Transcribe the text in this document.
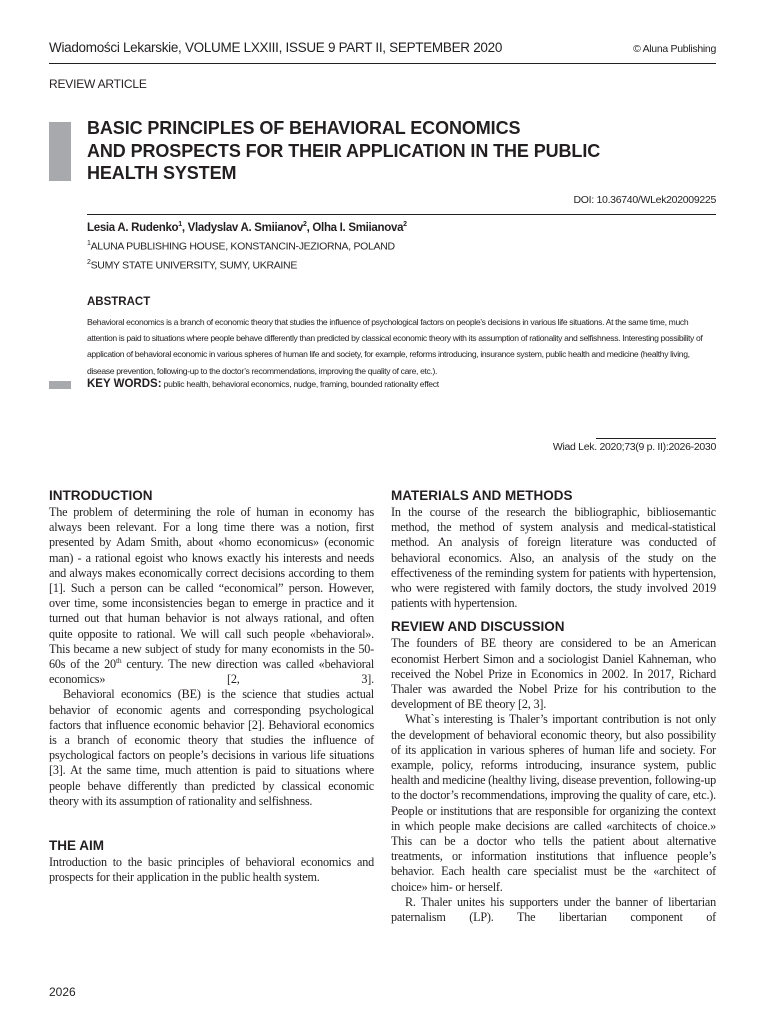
Wiadomości Lekarskie, VOLUME LXXIII, ISSUE 9 PART II, SEPTEMBER 2020	© Aluna Publishing
REVIEW ARTICLE
BASIC PRINCIPLES OF BEHAVIORAL ECONOMICS
AND PROSPECTS FOR THEIR APPLICATION IN THE PUBLIC
HEALTH SYSTEM
DOI: 10.36740/WLek202009225
Lesia A. Rudenko$^1$, Vladyslav A. Smiianov$^2$, Olha I. Smiianova$^2$
$^1$ALUNA PUBLISHING HOUSE, KONSTANCIN-JEZIORNA, POLAND
$^2$SUMY STATE UNIVERSITY, SUMY, UKRAINE
ABSTRACT

Behavioral economics is a branch of economic theory that studies the influence of psychological factors on people’s decisions in various life situations. At the same time, much attention is paid to situations where people behave differently than predicted by classical economic theory with its assumption of rationality and selfishness. Interesting possibility of application of behavioral economic in various spheres of human life and society, for example, reforms introducing, insurance system, public health and medicine (healthy living, disease prevention, following-up to the doctor’s recommendations, improving the quality of care, etc.).

KEY WORDS: public health, behavioral economics, nudge, framing, bounded rationality effect
Wiad Lek. 2020;73(9 p. II):2026-2030
INTRODUCTION

The problem of determining the role of human in economy has always been relevant. For a long time there was a notion, first presented by Adam Smith, about «homo economicus» (economic man) - a rational egoist who knows exactly his interests and needs and always makes economically correct decisions according to them [1]. Such a person can be called “economical” person. However, over time, some inconsistencies began to emerge in practice and it turned out that human behavior is not always rational, and often quite opposite to rational. We will call such people «behavioral». This became a new subject of study for many economists in the 50-60s of the 20th century. The new direction was called «behavioral economics» [2, 3].

Behavioral economics (BE) is the science that studies actual behavior of economic agents and corresponding psychological factors that influence economic behavior [2]. Behavioral economics is a branch of economic theory that studies the influence of psychological factors on people’s decisions in various life situations [3]. At the same time, much attention is paid to situations where people behave differently than predicted by classical economic theory with its assumption of rationality and selfishness.

THE AIM

Introduction to the basic principles of behavioral economics and prospects for their application in the public health system.

MATERIALS AND METHODS

In the course of the research the bibliographic, bibliosemantic method, the method of system analysis and medical-statistical method. An analysis of foreign literature was conducted of behavioral economics. Also, an analysis of the study on the effectiveness of the reminding system for patients with hypertension, who were registered with family doctors, the study involved 2019 patients with hypertension.

REVIEW AND DISCUSSION

The founders of BE theory are considered to be an American economist Herbert Simon and a sociologist Daniel Kahneman, who received the Nobel Prize in Economics in 2002. In 2017, Richard Thaler was awarded the Nobel Prize for his contribution to the development of BE theory [2, 3].

What`s interesting is Thaler’s important contribution is not only the development of behavioral economic theory, but also possibility of its application in various spheres of human life and society. For example, policy, reforms introducing, insurance system, public health and medicine (healthy living, disease prevention, following-up to the doctor’s recommendations, improving the quality of care, etc.). People or institutions that are responsible for organizing the context in which people make decisions are called «architects of choice.» This can be a doctor who tells the patient about alternative treatments, or information institutions that influence people’s behavior. Each health care specialist must be the «architect of choice» him- or herself.

R. Thaler unites his supporters under the banner of libertarian paternalism (LP). The libertarian component of

2026
